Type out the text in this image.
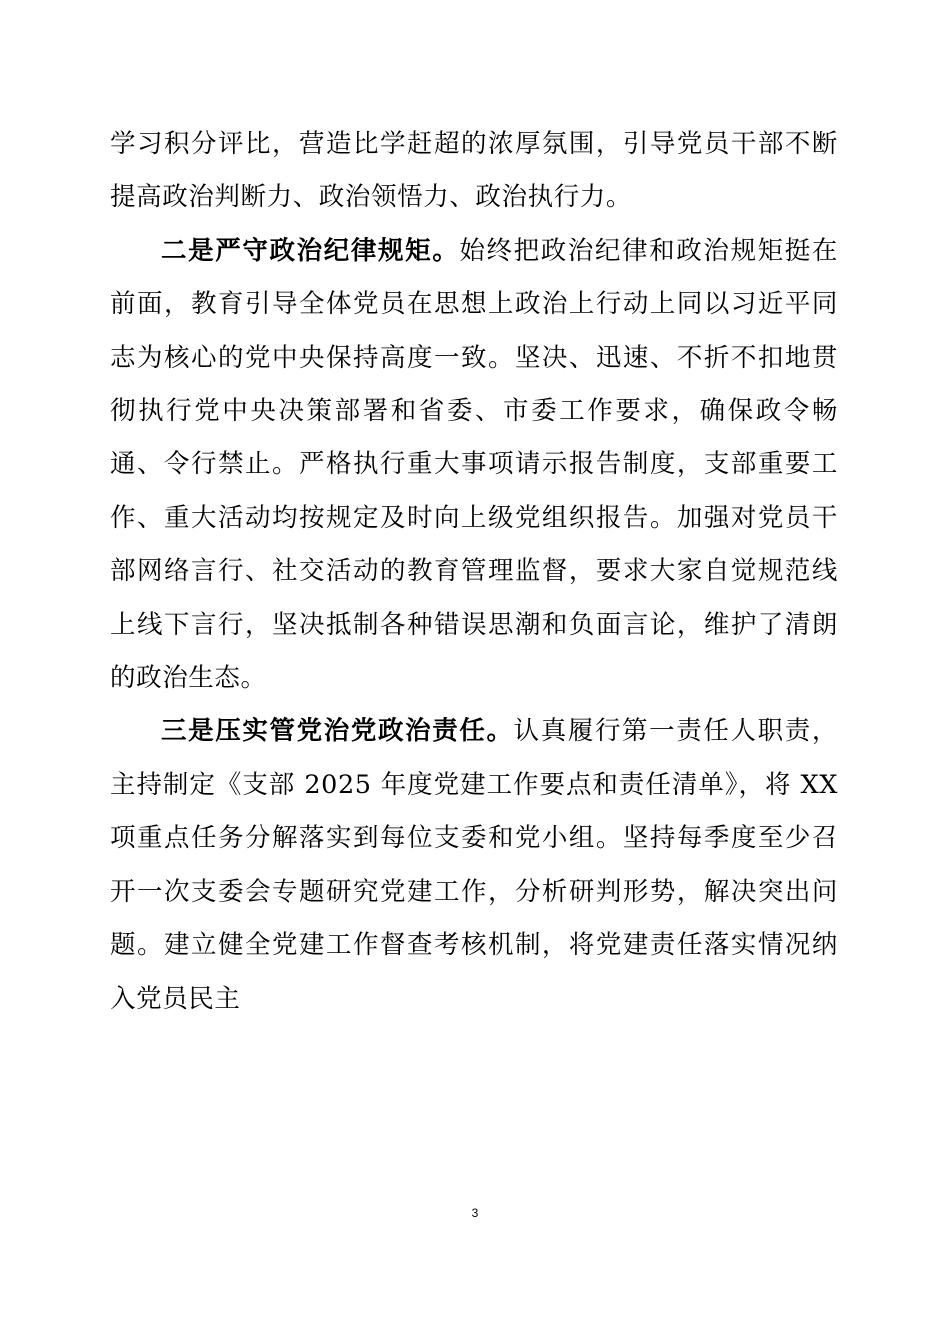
学习积分评比，营造比学赶超的浓厚氛围，引导党员干部不断提高政治判断力、政治领悟力、政治执行力。

二是严守政治纪律规矩。始终把政治纪律和政治规矩挺在前面，教育引导全体党员在思想上政治上行动上同以习近平同志为核心的党中央保持高度一致。坚决、迅速、不折不扣地贯彻执行党中央决策部署和省委、市委工作要求，确保政令畅通、令行禁止。严格执行重大事项请示报告制度，支部重要工作、重大活动均按规定及时向上级党组织报告。加强对党员干部网络言行、社交活动的教育管理监督，要求大家自觉规范线上线下言行，坚决抵制各种错误思潮和负面言论，维护了清朗的政治生态。

三是压实管党治党政治责任。认真履行第一责任人职责，主持制定《支部 2025 年度党建工作要点和责任清单》，将 XX 项重点任务分解落实到每位支委和党小组。坚持每季度至少召开一次支委会专题研究党建工作，分析研判形势，解决突出问题。建立健全党建工作督查考核机制，将党建责任落实情况纳入党员民主

3
